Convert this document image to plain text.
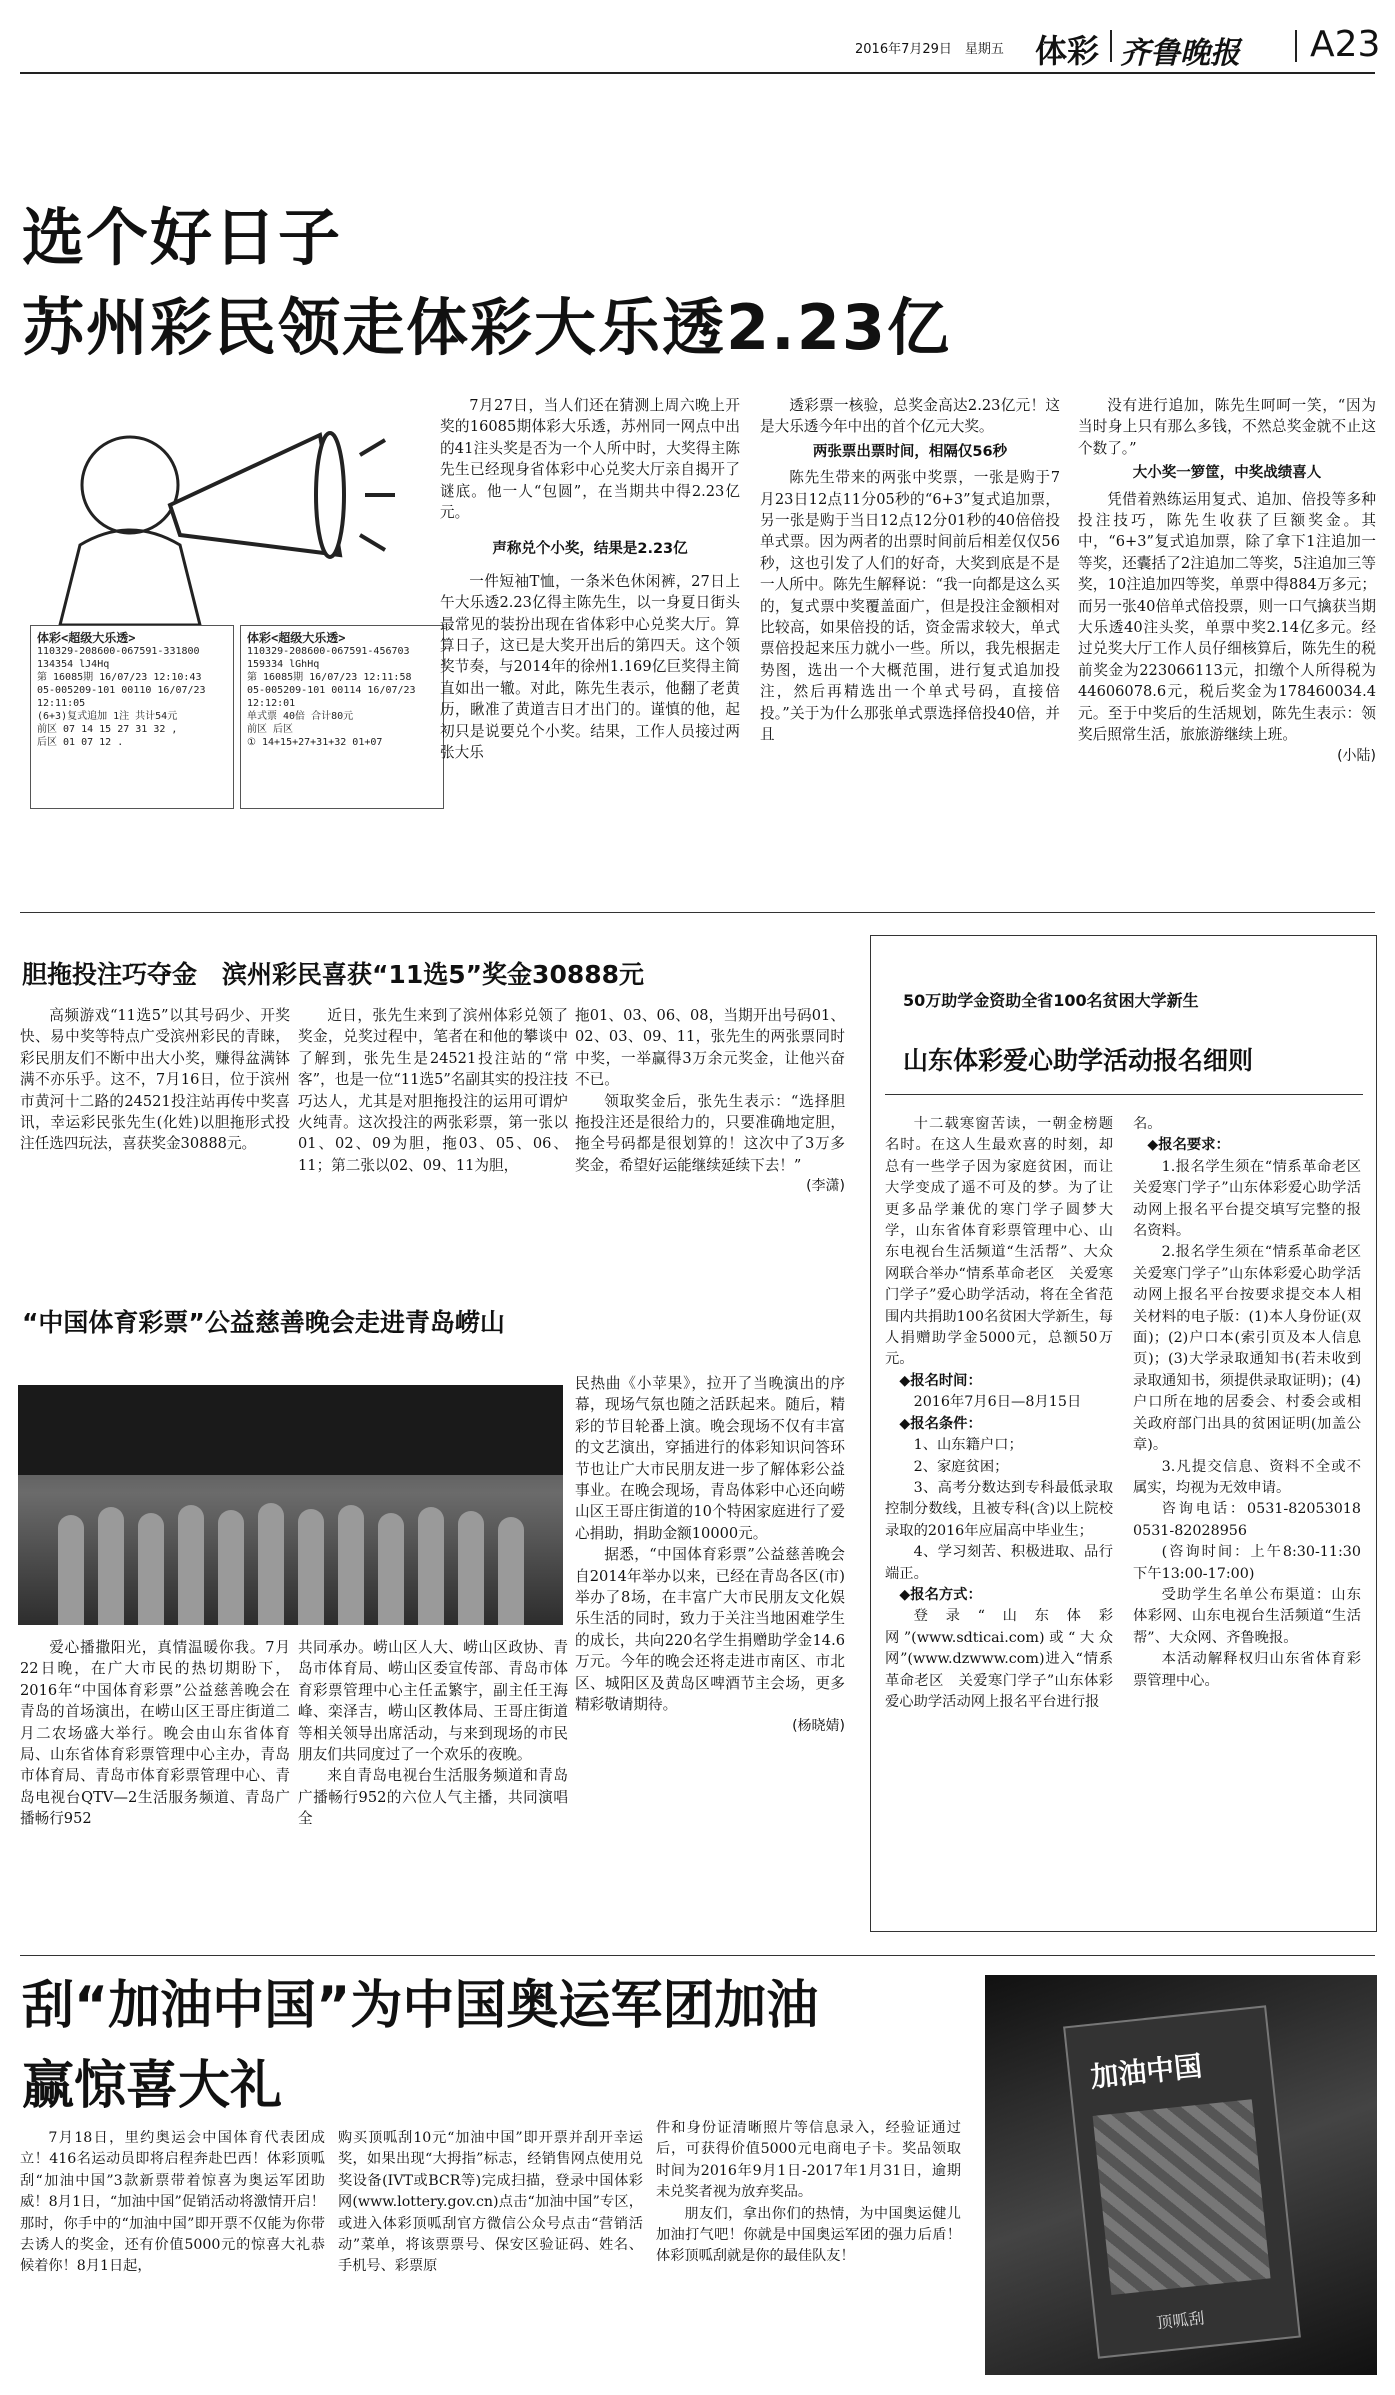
2016年7月29日　星期五 体彩 齐鲁晚报 A23
选个好日子
苏州彩民领走体彩大乐透2.23亿
体彩<超级大乐透>
110329-208600-067591-331800 134354 lJ4Hq
第 16085期 16/07/23 12:10:43
05-005209-101 00110 16/07/23 12:11:05
(6+3)复式追加 1注 共计54元
前区 07 14 15 27 31 32 ,
后区 01 07 12 .
体彩<超级大乐透>
110329-208600-067591-456703 159334 lGhHq
第 16085期 16/07/23 12:11:58
05-005209-101 00114 16/07/23 12:12:01
单式票 40倍 合计80元
前区 后区
① 14+15+27+31+32 01+07

7月27日，当人们还在猜测上周六晚上开奖的16085期体彩大乐透，苏州同一网点中出的41注头奖是否为一个人所中时，大奖得主陈先生已经现身省体彩中心兑奖大厅亲自揭开了谜底。他一人“包圆”，在当期共中得2.23亿元。

声称兑个小奖，结果是2.23亿

一件短袖T恤，一条米色休闲裤，27日上午大乐透2.23亿得主陈先生，以一身夏日街头最常见的装扮出现在省体彩中心兑奖大厅。算算日子，这已是大奖开出后的第四天。这个领奖节奏，与2014年的徐州1.169亿巨奖得主简直如出一辙。对此，陈先生表示，他翻了老黄历，瞅准了黄道吉日才出门的。谨慎的他，起初只是说要兑个小奖。结果，工作人员接过两张大乐

透彩票一核验，总奖金高达2.23亿元！这是大乐透今年中出的首个亿元大奖。

两张票出票时间，相隔仅56秒

陈先生带来的两张中奖票，一张是购于7月23日12点11分05秒的“6+3”复式追加票，另一张是购于当日12点12分01秒的40倍倍投单式票。因为两者的出票时间前后相差仅仅56秒，这也引发了人们的好奇，大奖到底是不是一人所中。陈先生解释说：“我一向都是这么买的，复式票中奖覆盖面广，但是投注金额相对比较高，如果倍投的话，资金需求较大，单式票倍投起来压力就小一些。所以，我先根据走势图，选出一个大概范围，进行复式追加投注，然后再精选出一个单式号码，直接倍投。”关于为什么那张单式票选择倍投40倍，并且

没有进行追加，陈先生呵呵一笑，“因为当时身上只有那么多钱，不然总奖金就不止这个数了。”

大小奖一箩筐，中奖战绩喜人

凭借着熟练运用复式、追加、倍投等多种投注技巧，陈先生收获了巨额奖金。其中，“6+3”复式追加票，除了拿下1注追加一等奖，还囊括了2注追加二等奖，5注追加三等奖，10注追加四等奖，单票中得884万多元；而另一张40倍单式倍投票，则一口气擒获当期大乐透40注头奖，单票中奖2.14亿多元。经过兑奖大厅工作人员仔细核算后，陈先生的税前奖金为223066113元，扣缴个人所得税为44606078.6元，税后奖金为178460034.4元。至于中奖后的生活规划，陈先生表示：领奖后照常生活，旅旅游继续上班。

(小陆)
胆拖投注巧夺金　滨州彩民喜获“11选5”奖金30888元

高频游戏“11选5”以其号码少、开奖快、易中奖等特点广受滨州彩民的青睐，彩民朋友们不断中出大小奖，赚得盆满钵满不亦乐乎。这不，7月16日，位于滨州市黄河十二路的24521投注站再传中奖喜讯，幸运彩民张先生(化姓)以胆拖形式投注任选四玩法，喜获奖金30888元。

近日，张先生来到了滨州体彩兑领了奖金，兑奖过程中，笔者在和他的攀谈中了解到，张先生是24521投注站的“常客”，也是一位“11选5”名副其实的投注技巧达人，尤其是对胆拖投注的运用可谓炉火纯青。这次投注的两张彩票，第一张以01、02、09为胆，拖03、05、06、11；第二张以02、09、11为胆，

拖01、03、06、08，当期开出号码01、02、03、09、11，张先生的两张票同时中奖，一举赢得3万余元奖金，让他兴奋不已。

领取奖金后，张先生表示：“选择胆拖投注还是很给力的，只要准确地定胆，拖全号码都是很划算的！这次中了3万多奖金，希望好运能继续延续下去！”

(李潇)
“中国体育彩票”公益慈善晚会走进青岛崂山

民热曲《小苹果》，拉开了当晚演出的序幕，现场气氛也随之活跃起来。随后，精彩的节目轮番上演。晚会现场不仅有丰富的文艺演出，穿插进行的体彩知识问答环节也让广大市民朋友进一步了解体彩公益事业。在晚会现场，青岛体彩中心还向崂山区王哥庄街道的10个特困家庭进行了爱心捐助，捐助金额10000元。

据悉，“中国体育彩票”公益慈善晚会自2014年举办以来，已经在青岛各区(市)举办了8场，在丰富广大市民朋友文化娱乐生活的同时，致力于关注当地困难学生的成长，共向220名学生捐赠助学金14.6万元。今年的晚会还将走进市南区、市北区、城阳区及黄岛区啤酒节主会场，更多精彩敬请期待。

(杨晓婧)

爱心播撒阳光，真情温暖你我。7月22日晚，在广大市民的热切期盼下，2016年“中国体育彩票”公益慈善晚会在青岛的首场演出，在崂山区王哥庄街道二月二农场盛大举行。晚会由山东省体育局、山东省体育彩票管理中心主办，青岛市体育局、青岛市体育彩票管理中心、青岛电视台QTV—2生活服务频道、青岛广播畅行952

共同承办。崂山区人大、崂山区政协、青岛市体育局、崂山区委宣传部、青岛市体育彩票管理中心主任孟繁宇，副主任王海峰、栾泽吉，崂山区教体局、王哥庄街道等相关领导出席活动，与来到现场的市民朋友们共同度过了一个欢乐的夜晚。

来自青岛电视台生活服务频道和青岛广播畅行952的六位人气主播，共同演唱全

50万助学金资助全省100名贫困大学新生
山东体彩爱心助学活动报名细则

十二载寒窗苦读，一朝金榜题名时。在这人生最欢喜的时刻，却总有一些学子因为家庭贫困，而让大学变成了遥不可及的梦。为了让更多品学兼优的寒门学子圆梦大学，山东省体育彩票管理中心、山东电视台生活频道“生活帮”、大众网联合举办“情系革命老区　关爱寒门学子”爱心助学活动，将在全省范围内共捐助100名贫困大学新生，每人捐赠助学金5000元，总额50万元。

◆报名时间：

2016年7月6日—8月15日

◆报名条件：

1、山东籍户口；

2、家庭贫困；

3、高考分数达到专科最低录取控制分数线，且被专科(含)以上院校录取的2016年应届高中毕业生；

4、学习刻苦、积极进取、品行端正。

◆报名方式：

登录“山东体彩网”(www.sdticai.com)或“大众网”(www.dzwww.com)进入“情系革命老区　关爱寒门学子”山东体彩爱心助学活动网上报名平台进行报

名。

◆报名要求：

1.报名学生须在“情系革命老区　关爱寒门学子”山东体彩爱心助学活动网上报名平台提交填写完整的报名资料。

2.报名学生须在“情系革命老区　关爱寒门学子”山东体彩爱心助学活动网上报名平台按要求提交本人相关材料的电子版：(1)本人身份证(双面)；(2)户口本(索引页及本人信息页)；(3)大学录取通知书(若未收到录取通知书，须提供录取证明)；(4)户口所在地的居委会、村委会或相关政府部门出具的贫困证明(加盖公章)。

3.凡提交信息、资料不全或不属实，均视为无效申请。

咨询电话：0531-82053018　0531-82028956

(咨询时间：上午8:30-11:30　下午13:00-17:00)

受助学生名单公布渠道：山东体彩网、山东电视台生活频道“生活帮”、大众网、齐鲁晚报。

本活动解释权归山东省体育彩票管理中心。

刮“加油中国”为中国奥运军团加油
赢惊喜大礼

7月18日，里约奥运会中国体育代表团成立！416名运动员即将启程奔赴巴西！体彩顶呱刮“加油中国”3款新票带着惊喜为奥运军团助威！8月1日，“加油中国”促销活动将激情开启！那时，你手中的“加油中国”即开票不仅能为你带去诱人的奖金，还有价值5000元的惊喜大礼恭候着你！8月1日起，

购买顶呱刮10元“加油中国”即开票并刮开幸运奖，如果出现“大拇指”标志，经销售网点使用兑奖设备(IVT或BCR等)完成扫描，登录中国体彩网(www.lottery.gov.cn)点击“加油中国”专区，或进入体彩顶呱刮官方微信公众号点击“营销活动”菜单，将该票票号、保安区验证码、姓名、手机号、彩票原

件和身份证清晰照片等信息录入，经验证通过后，可获得价值5000元电商电子卡。奖品领取时间为2016年9月1日-2017年1月31日，逾期未兑奖者视为放弃奖品。

朋友们，拿出你们的热情，为中国奥运健儿加油打气吧！你就是中国奥运军团的强力后盾！体彩顶呱刮就是你的最佳队友！

加油中国
顶呱刮
